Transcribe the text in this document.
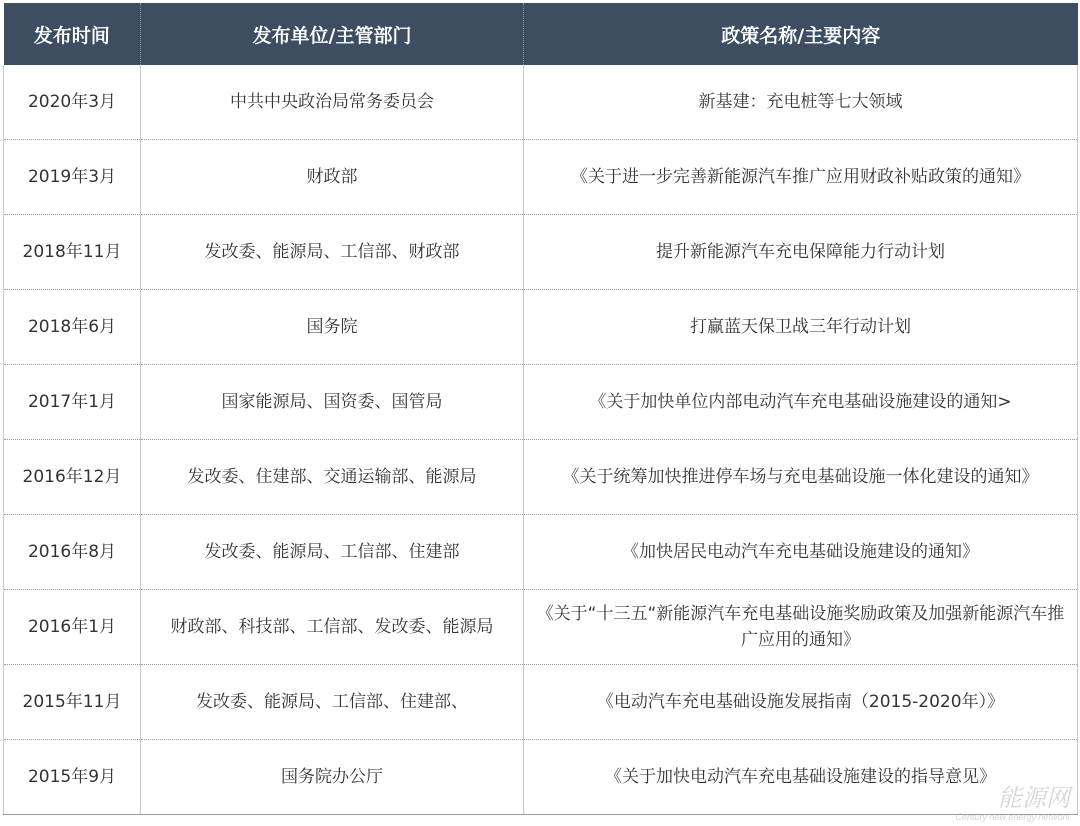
发布时间	发布单位/主管部门	政策名称/主要内容
2020年3月	中共中央政治局常务委员会	新基建：充电桩等七大领域
2019年3月	财政部	《关于进一步完善新能源汽车推广应用财政补贴政策的通知》
2018年11月	发改委、能源局、工信部、财政部	提升新能源汽车充电保障能力行动计划
2018年6月	国务院	打赢蓝天保卫战三年行动计划
2017年1月	国家能源局、国资委、国管局	《关于加快单位内部电动汽车充电基础设施建设的通知>
2016年12月	发改委、住建部、交通运输部、能源局	《关于统筹加快推进停车场与充电基础设施一体化建设的通知》
2016年8月	发改委、能源局、工信部、住建部	《加快居民电动汽车充电基础设施建设的通知》
2016年1月	财政部、科技部、工信部、发改委、能源局	《关于“十三五“新能源汽车充电基础设施奖励政策及加强新能源汽车推广应用的通知》
2015年11月	发改委、能源局、工信部、住建部、	《电动汽车充电基础设施发展指南（2015-2020年）》
2015年9月	国务院办公厅	《关于加快电动汽车充电基础设施建设的指导意见》
能源网
Century new energy network
